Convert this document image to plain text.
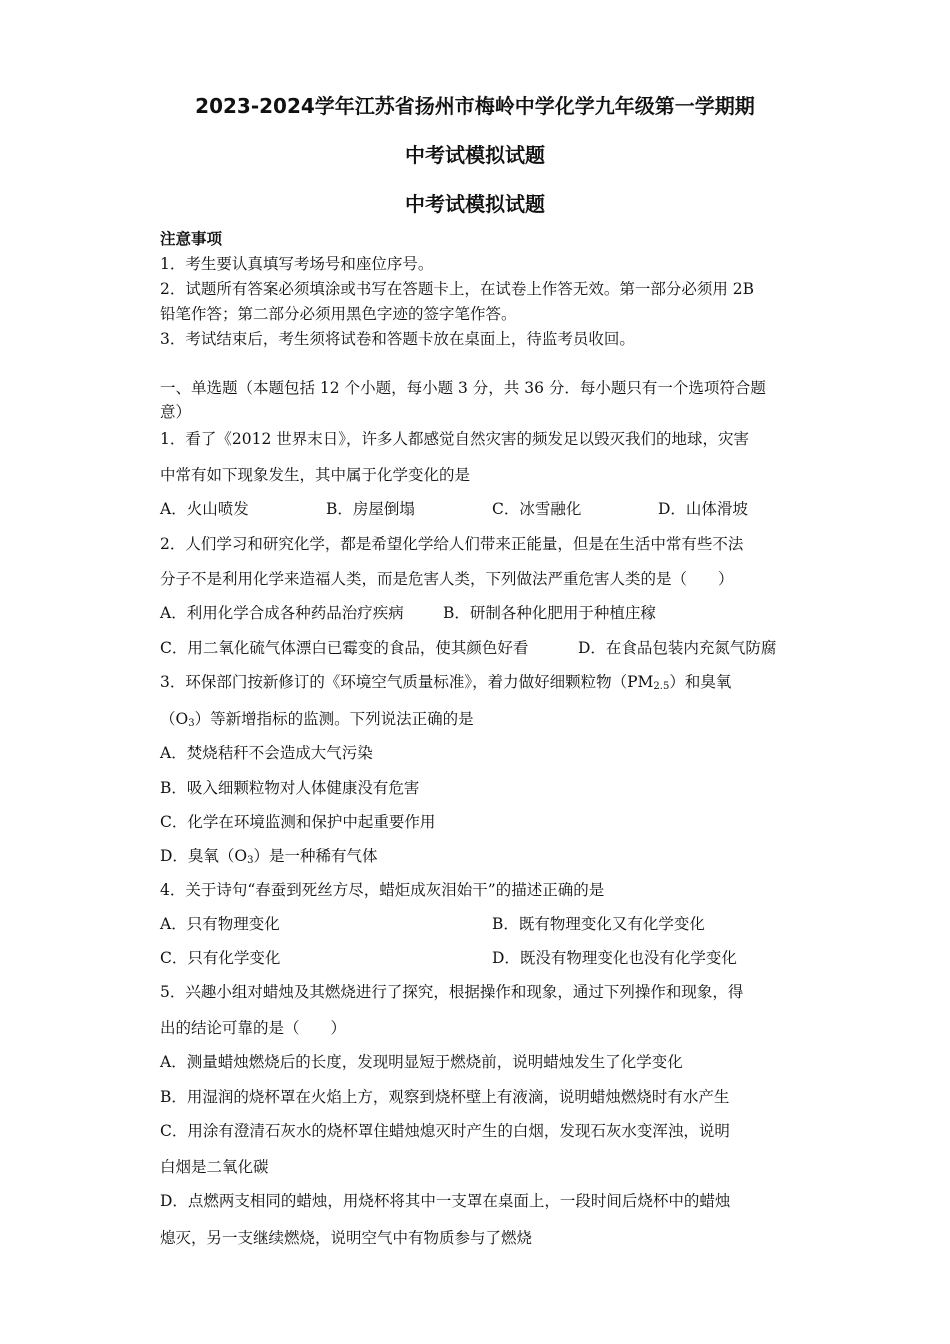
2023-2024学年江苏省扬州市梅岭中学化学九年级第一学期期
中考试模拟试题
中考试模拟试题
注意事项
1．考生要认真填写考场号和座位序号。
2．试题所有答案必须填涂或书写在答题卡上，在试卷上作答无效。第一部分必须用 2B
铅笔作答；第二部分必须用黑色字迹的签字笔作答。
3．考试结束后，考生须将试卷和答题卡放在桌面上，待监考员收回。
一、单选题（本题包括 12 个小题，每小题 3 分，共 36 分．每小题只有一个选项符合题
意）
1．看了《2012 世界末日》，许多人都感觉自然灾害的频发足以毁灭我们的地球，灾害
中常有如下现象发生，其中属于化学变化的是
A．火山喷发	B．房屋倒塌	C．冰雪融化	D．山体滑坡
2．人们学习和研究化学，都是希望化学给人们带来正能量，但是在生活中常有些不法
分子不是利用化学来造福人类，而是危害人类，下列做法严重危害人类的是（　　）
A．利用化学合成各种药品治疗疾病	B．研制各种化肥用于种植庄稼
C．用二氧化硫气体漂白已霉变的食品，使其颜色好看	D．在食品包装内充氮气防腐
3．环保部门按新修订的《环境空气质量标准》，着力做好细颗粒物$(PM_{2.5})$和臭氧
$(O_3)$等新增指标的监测。下列说法正确的是
A．焚烧秸秆不会造成大气污染
B．吸入细颗粒物对人体健康没有危害
C．化学在环境监测和保护中起重要作用
D．臭氧$(O_3)$是一种稀有气体
4．关于诗句“春蚕到死丝方尽，蜡炬成灰泪始干”的描述正确的是
A．只有物理变化	B．既有物理变化又有化学变化
C．只有化学变化	D．既没有物理变化也没有化学变化
5．兴趣小组对蜡烛及其燃烧进行了探究，根据操作和现象，通过下列操作和现象，得
出的结论可靠的是（　　）
A．测量蜡烛燃烧后的长度，发现明显短于燃烧前，说明蜡烛发生了化学变化
B．用湿润的烧杯罩在火焰上方，观察到烧杯壁上有液滴，说明蜡烛燃烧时有水产生
C．用涂有澄清石灰水的烧杯罩住蜡烛熄灭时产生的白烟，发现石灰水变浑浊，说明
白烟是二氧化碳
D．点燃两支相同的蜡烛，用烧杯将其中一支罩在桌面上，一段时间后烧杯中的蜡烛
熄灭，另一支继续燃烧，说明空气中有物质参与了燃烧
